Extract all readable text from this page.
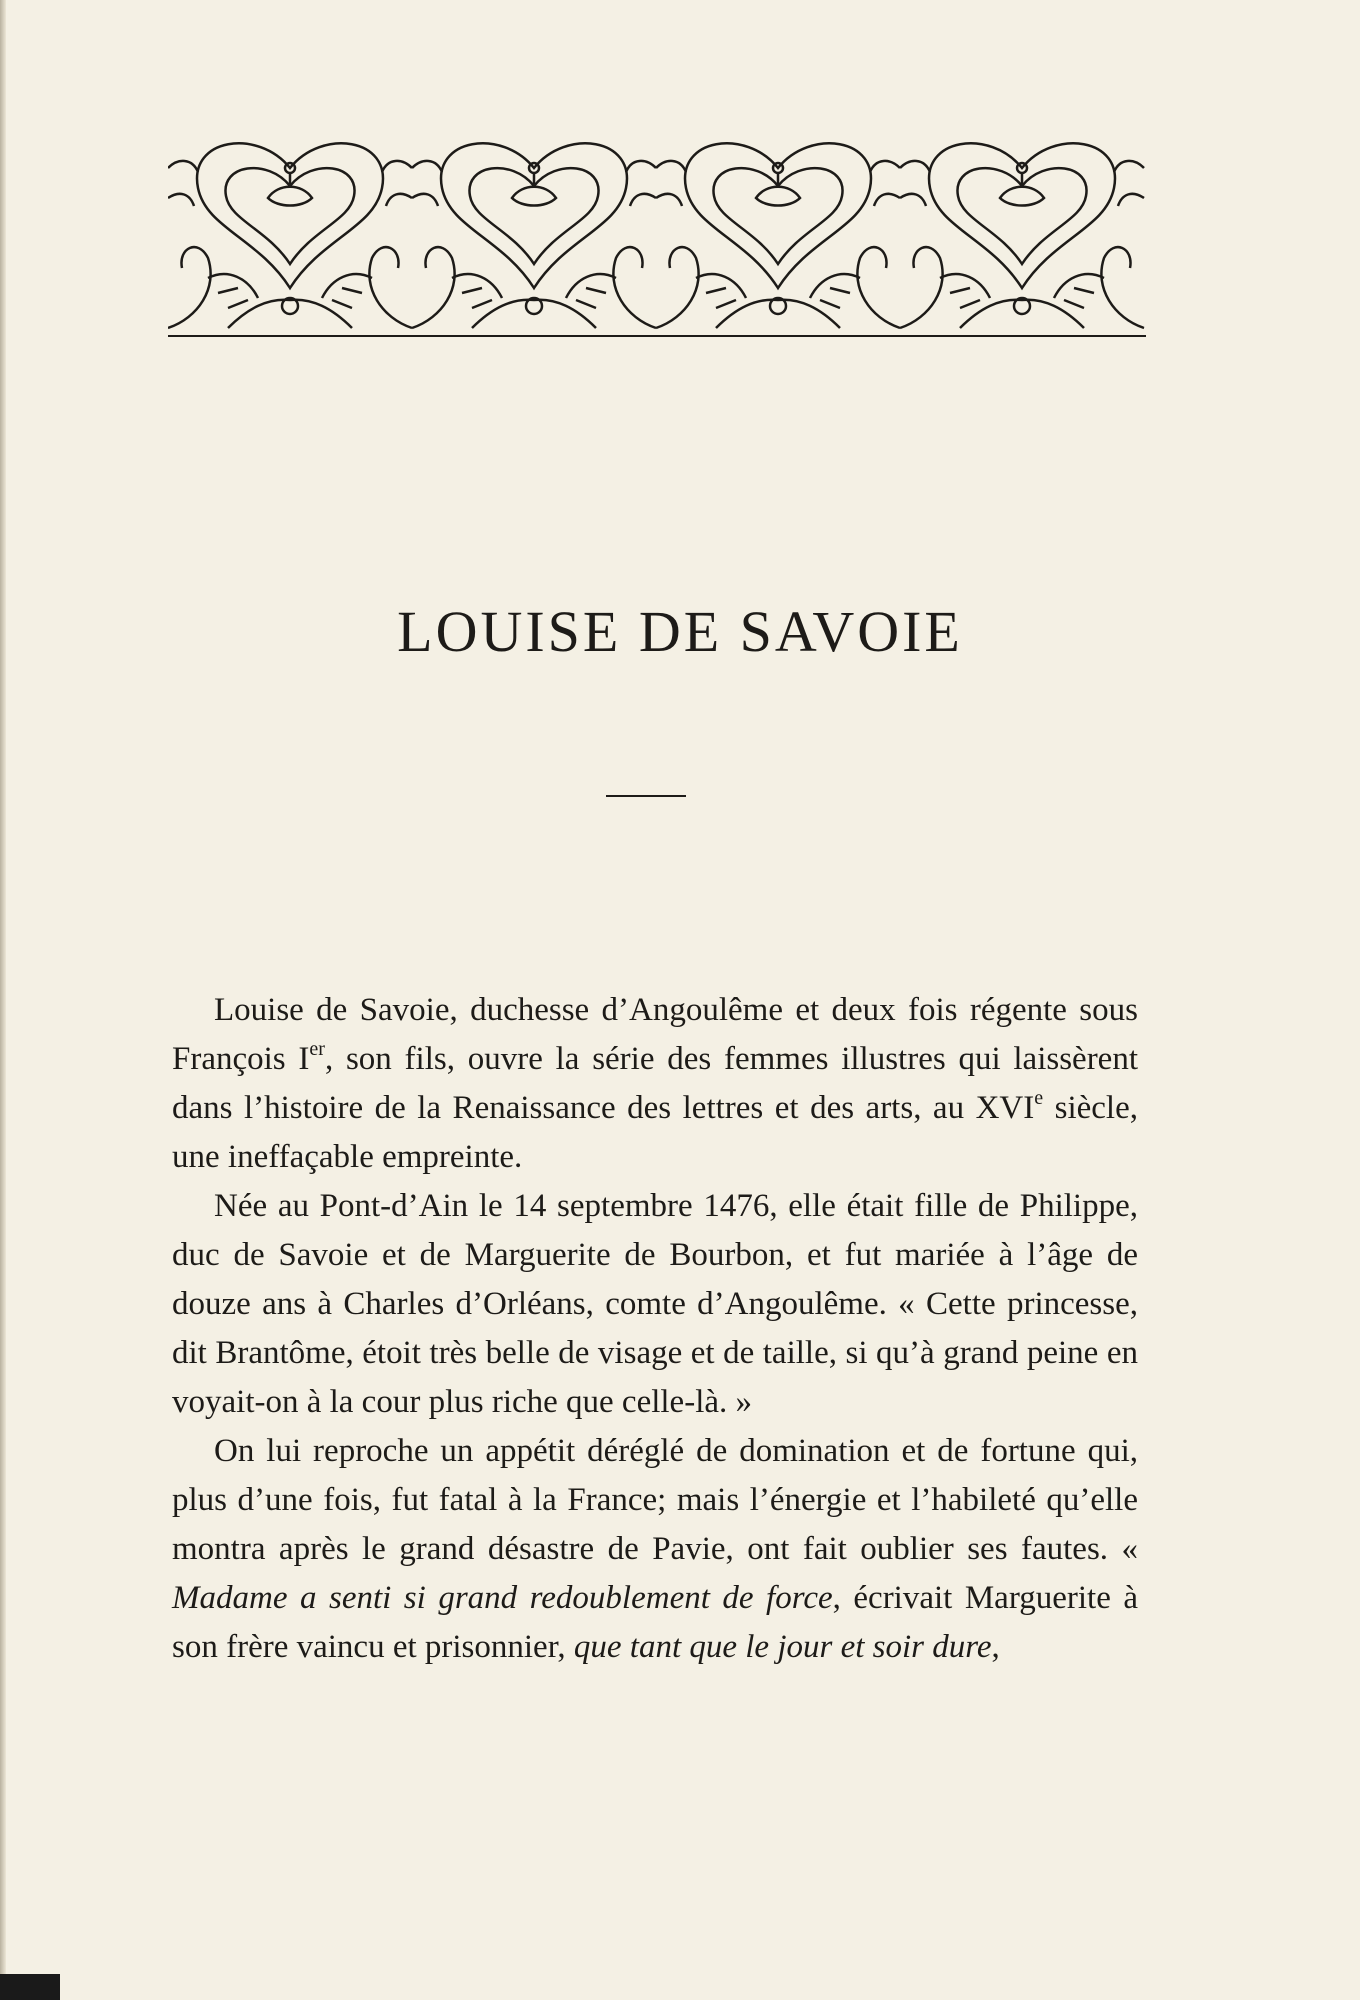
LOUISE DE SAVOIE

Louise de Savoie, duchesse d’Angoulême et deux fois régente sous François Ier, son fils, ouvre la série des femmes illustres qui laissèrent dans l’histoire de la Renaissance des lettres et des arts, au XVIe siècle, une ineffaçable empreinte.

Née au Pont-d’Ain le 14 septembre 1476, elle était fille de Philippe, duc de Savoie et de Marguerite de Bourbon, et fut mariée à l’âge de douze ans à Charles d’Orléans, comte d’Angoulême. « Cette princesse, dit Brantôme, étoit très belle de visage et de taille, si qu’à grand peine en voyait-on à la cour plus riche que celle-là. »

On lui reproche un appétit déréglé de domination et de fortune qui, plus d’une fois, fut fatal à la France; mais l’énergie et l’habileté qu’elle montra après le grand désastre de Pavie, ont fait oublier ses fautes. « Madame a senti si grand redoublement de force, écrivait Marguerite à son frère vaincu et prisonnier, que tant que le jour et soir dure,
